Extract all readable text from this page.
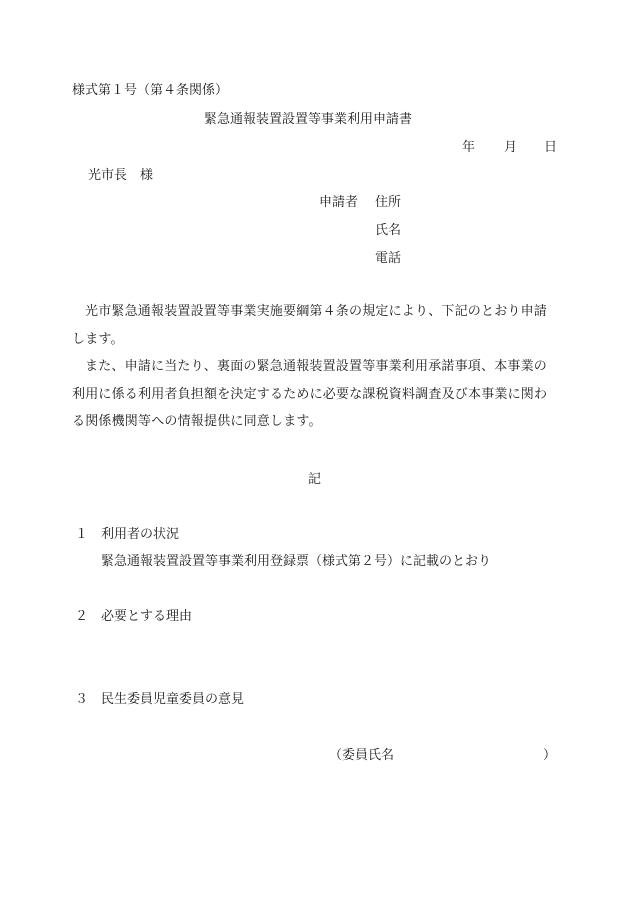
様式第１号（第４条関係）
緊急通報装置設置等事業利用申請書
年 月 日
光市長　様
申請者 住所
氏名
電話

光市緊急通報装置設置等事業実施要綱第４条の規定により、下記のとおり申請します。

また、申請に当たり、裏面の緊急通報装置設置等事業利用承諾事項、本事業の利用に係る利用者負担額を決定するために必要な課税資料調査及び本事業に関わる関係機関等への情報提供に同意します。

記
１ 利用者の状況
緊急通報装置設置等事業利用登録票（様式第２号）に記載のとおり
２ 必要とする理由
３ 民生委員児童委員の意見
（委員氏名	）
